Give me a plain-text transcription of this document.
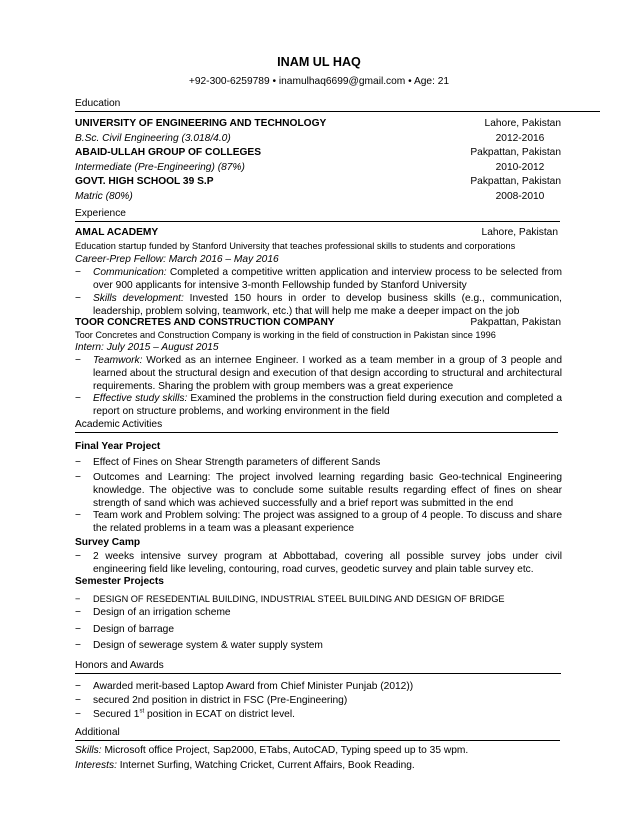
INAM UL HAQ
+92-300-6259789 • inamulhaq6699@gmail.com • Age: 21
Education
UNIVERSITY OF ENGINEERING AND TECHNOLOGY	Lahore, Pakistan
B.Sc. Civil Engineering (3.018/4.0)	2012-2016
ABAID-ULLAH GROUP OF COLLEGES	Pakpattan, Pakistan
Intermediate (Pre-Engineering) (87%)	2010-2012
GOVT. HIGH SCHOOL 39 S.P	Pakpattan, Pakistan
Matric (80%)	2008-2010
Experience
AMAL ACADEMY	Lahore, Pakistan
Education startup funded by Stanford University that teaches professional skills to students and corporations
Career-Prep Fellow: March 2016 – May 2016
− Communication: Completed a competitive written application and interview process to be selected from over 900 applicants for intensive 3-month Fellowship funded by Stanford University
− Skills development: Invested 150 hours in order to develop business skills (e.g., communication, leadership, problem solving, teamwork, etc.) that will help me make a deeper impact on the job
TOOR CONCRETES AND CONSTRUCTION COMPANY	Pakpattan, Pakistan
Toor Concretes and Construction Company is working in the field of construction in Pakistan since 1996
Intern: July 2015 – August 2015
− Teamwork: Worked as an internee Engineer. I worked as a team member in a group of 3 people and learned about the structural design and execution of that design according to structural and architectural requirements. Sharing the problem with group members was a great experience
− Effective study skills: Examined the problems in the construction field during execution and completed a report on structure problems, and working environment in the field
Academic Activities
Final Year Project
− Effect of Fines on Shear Strength parameters of different Sands
− Outcomes and Learning: The project involved learning regarding basic Geo-technical Engineering knowledge. The objective was to conclude some suitable results regarding effect of fines on shear strength of sand which was achieved successfully and a brief report was submitted in the end
− Team work and Problem solving: The project was assigned to a group of 4 people. To discuss and share the related problems in a team was a pleasant experience
Survey Camp
− 2 weeks intensive survey program at Abbottabad, covering all possible survey jobs under civil engineering field like leveling, contouring, road curves, geodetic survey and plain table survey etc.
Semester Projects
− DESIGN OF RESEDENTIAL BUILDING, INDUSTRIAL STEEL BUILDING AND DESIGN OF BRIDGE
− Design of an irrigation scheme
− Design of barrage
− Design of sewerage system & water supply system
Honors and Awards
− Awarded merit-based Laptop Award from Chief Minister Punjab (2012))
− secured 2nd position in district in FSC (Pre-Engineering)
− Secured 1st position in ECAT on district level.
Additional
Skills: Microsoft office Project, Sap2000, ETabs, AutoCAD, Typing speed up to 35 wpm.
Interests: Internet Surfing, Watching Cricket, Current Affairs, Book Reading.
